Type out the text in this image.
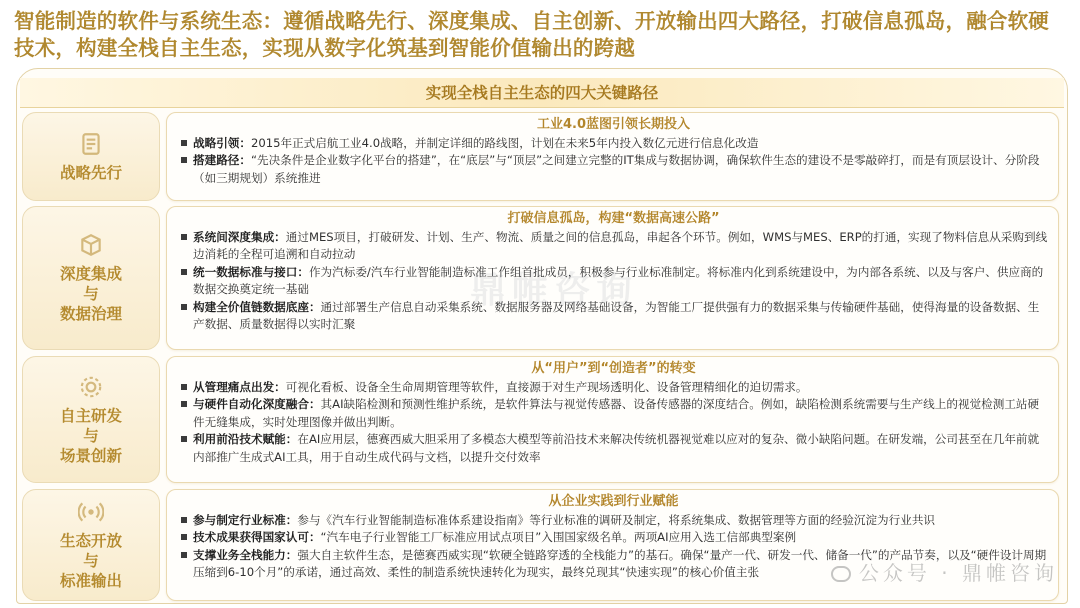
智能制造的软件与系统生态：遵循战略先行、深度集成、自主创新、开放输出四大路径，打破信息孤岛，融合软硬技术，构建全栈自主生态，实现从数字化筑基到智能价值输出的跨越
实现全栈自主生态的四大关键路径
战略先行
工业4.0蓝图引领长期投入
战略引领：2015年正式启航工业4.0战略，并制定详细的路线图，计划在未来5年内投入数亿元进行信息化改造
搭建路径：“先决条件是企业数字化平台的搭建”，在“底层”与“顶层”之间建立完整的IT集成与数据协调，确保软件生态的建设不是零敲碎打，而是有顶层设计、分阶段（如三期规划）系统推进
深度集成
与
数据治理
打破信息孤岛，构建“数据高速公路”
系统间深度集成：通过MES项目，打破研发、计划、生产、物流、质量之间的信息孤岛，串起各个环节。例如，WMS与MES、ERP的打通，实现了物料信息从采购到线边消耗的全程可追溯和自动拉动
统一数据标准与接口：作为汽标委/汽车行业智能制造标准工作组首批成员，积极参与行业标准制定。将标准内化到系统建设中，为内部各系统、以及与客户、供应商的数据交换奠定统一基础
构建全价值链数据底座：通过部署生产信息自动采集系统、数据服务器及网络基础设备，为智能工厂提供强有力的数据采集与传输硬件基础，使得海量的设备数据、生产数据、质量数据得以实时汇聚
自主研发
与
场景创新
从“用户”到“创造者”的转变
从管理痛点出发：可视化看板、设备全生命周期管理等软件，直接源于对生产现场透明化、设备管理精细化的迫切需求。
与硬件自动化深度融合：其AI缺陷检测和预测性维护系统，是软件算法与视觉传感器、设备传感器的深度结合。例如，缺陷检测系统需要与生产线上的视觉检测工站硬件无缝集成，实时处理图像并做出判断。
利用前沿技术赋能：在AI应用层，德赛西威大胆采用了多模态大模型等前沿技术来解决传统机器视觉难以应对的复杂、微小缺陷问题。在研发端，公司甚至在几年前就内部推广生成式AI工具，用于自动生成代码与文档，以提升交付效率
生态开放
与
标准输出
从企业实践到行业赋能
参与制定行业标准：参与《汽车行业智能制造标准体系建设指南》等行业标准的调研及制定，将系统集成、数据管理等方面的经验沉淀为行业共识
技术成果获得国家认可：“汽车电子行业智能工厂标准应用试点项目”入围国家级名单。两项AI应用入选工信部典型案例
支撑业务全栈能力：强大自主软件生态，是德赛西威实现“软硬全链路穿透的全栈能力”的基石。确保“量产一代、研发一代、储备一代”的产品节奏，以及“硬件设计周期压缩到6-10个月”的承诺，通过高效、柔性的制造系统快速转化为现实，最终兑现其“快速实现”的核心价值主张	公众号 · 鼎帷咨询
